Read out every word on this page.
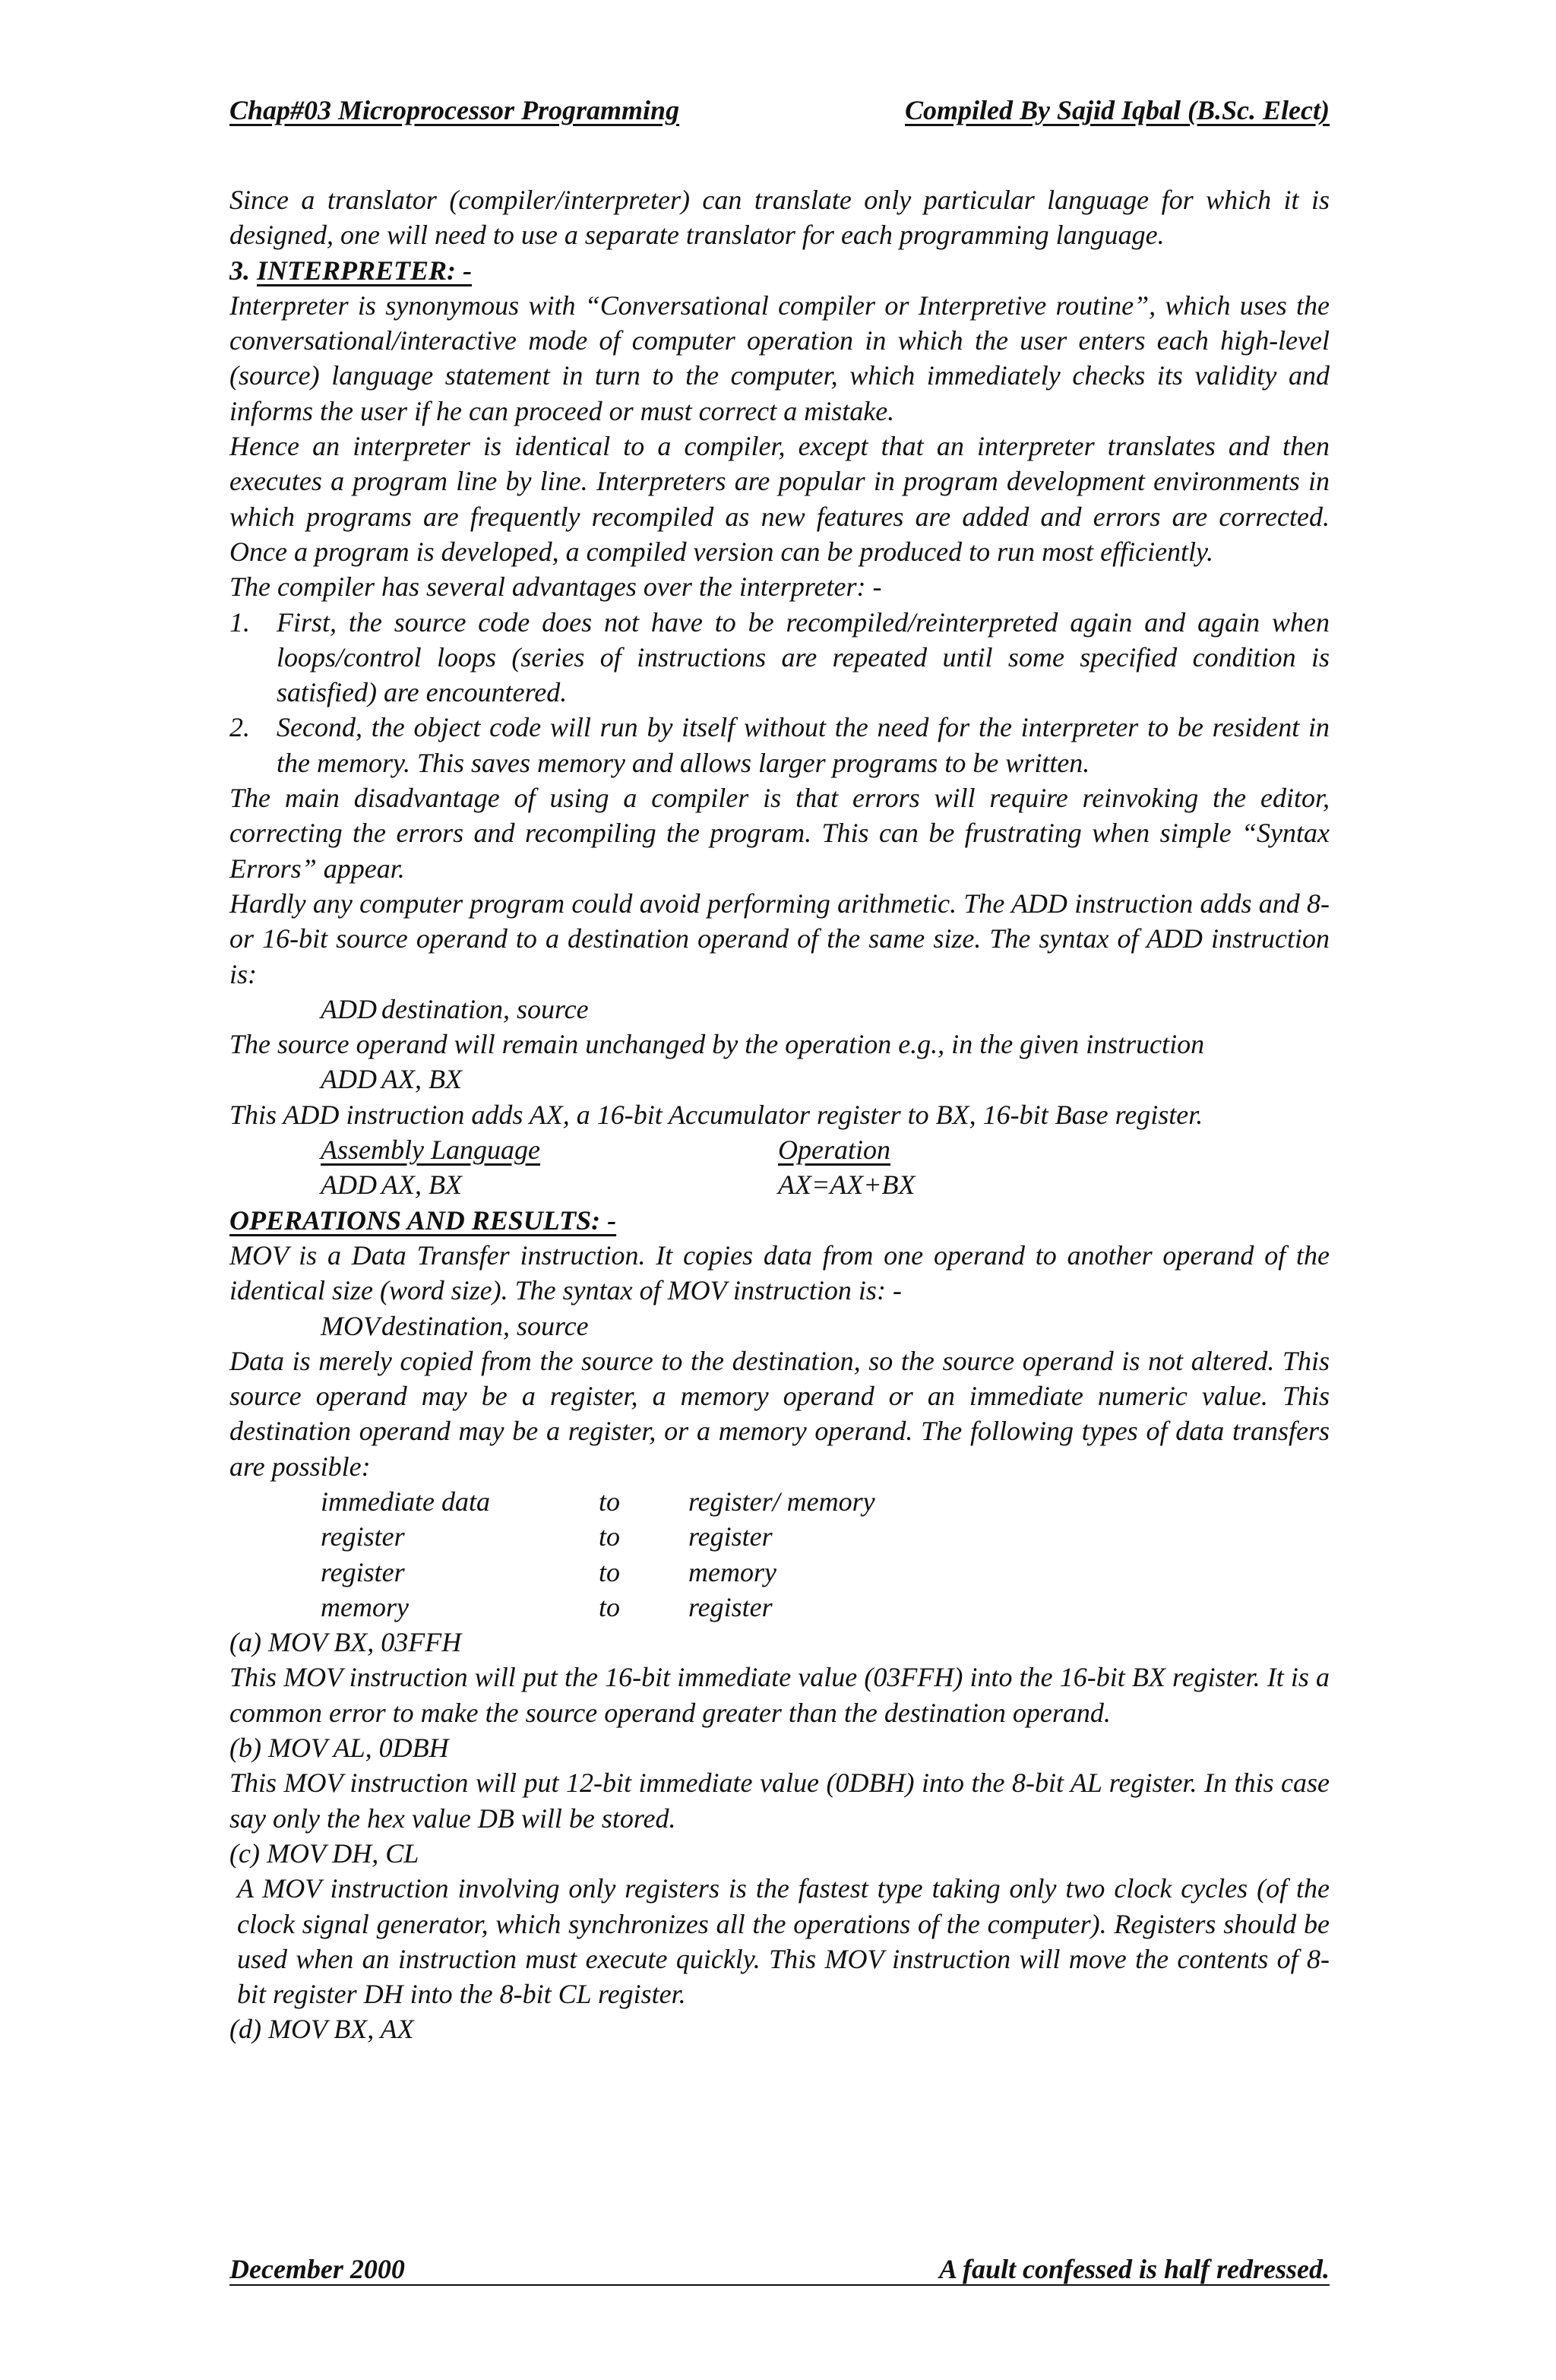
Chap#03 Microprocessor Programming	Compiled By Sajid Iqbal (B.Sc. Elect)

Since a translator (compiler/interpreter) can translate only particular language for which it is designed, one will need to use a separate translator for each programming language.

3. INTERPRETER: -

Interpreter is synonymous with “Conversational compiler or Interpretive routine”, which uses the conversational/interactive mode of computer operation in which the user enters each high-level (source) language statement in turn to the computer, which immediately checks its validity and informs the user if he can proceed or must correct a mistake.

Hence an interpreter is identical to a compiler, except that an interpreter translates and then executes a program line by line. Interpreters are popular in program development environments in which programs are frequently recompiled as new features are added and errors are corrected. Once a program is developed, a compiled version can be produced to run most efficiently.

The compiler has several advantages over the interpreter: -

1. First, the source code does not have to be recompiled/reinterpreted again and again when loops/control loops (series of instructions are repeated until some specified condition is satisfied) are encountered.
2. Second, the object code will run by itself without the need for the interpreter to be resident in the memory. This saves memory and allows larger programs to be written.

The main disadvantage of using a compiler is that errors will require reinvoking the editor, correcting the errors and recompiling the program. This can be frustrating when simple “Syntax Errors” appear.

Hardly any computer program could avoid performing arithmetic. The ADD instruction adds and 8- or 16-bit source operand to a destination operand of the same size. The syntax of ADD instruction is:

ADD destination, source

The source operand will remain unchanged by the operation e.g., in the given instruction

ADD AX, BX

This ADD instruction adds AX, a 16-bit Accumulator register to BX, 16-bit Base register.

Assembly Language	Operation
ADD AX, BX	AX=AX+BX
OPERATIONS AND RESULTS: -

MOV is a Data Transfer instruction. It copies data from one operand to another operand of the identical size (word size). The syntax of MOV instruction is: -

MOV destination, source

Data is merely copied from the source to the destination, so the source operand is not altered. This source operand may be a register, a memory operand or an immediate numeric value. This destination operand may be a register, or a memory operand. The following types of data transfers are possible:

immediate data	to	register/ memory
register	to	register
register	to	memory
memory	to	register

(a) MOV BX, 03FFH

This MOV instruction will put the 16-bit immediate value (03FFH) into the 16-bit BX register. It is a common error to make the source operand greater than the destination operand.

(b) MOV AL, 0DBH

This MOV instruction will put 12-bit immediate value (0DBH) into the 8-bit AL register. In this case say only the hex value DB will be stored.

(c) MOV DH, CL

A MOV instruction involving only registers is the fastest type taking only two clock cycles (of the clock signal generator, which synchronizes all the operations of the computer). Registers should be used when an instruction must execute quickly. This MOV instruction will move the contents of 8-bit register DH into the 8-bit CL register.

(d) MOV BX, AX

December 2000	A fault confessed is half redressed.
